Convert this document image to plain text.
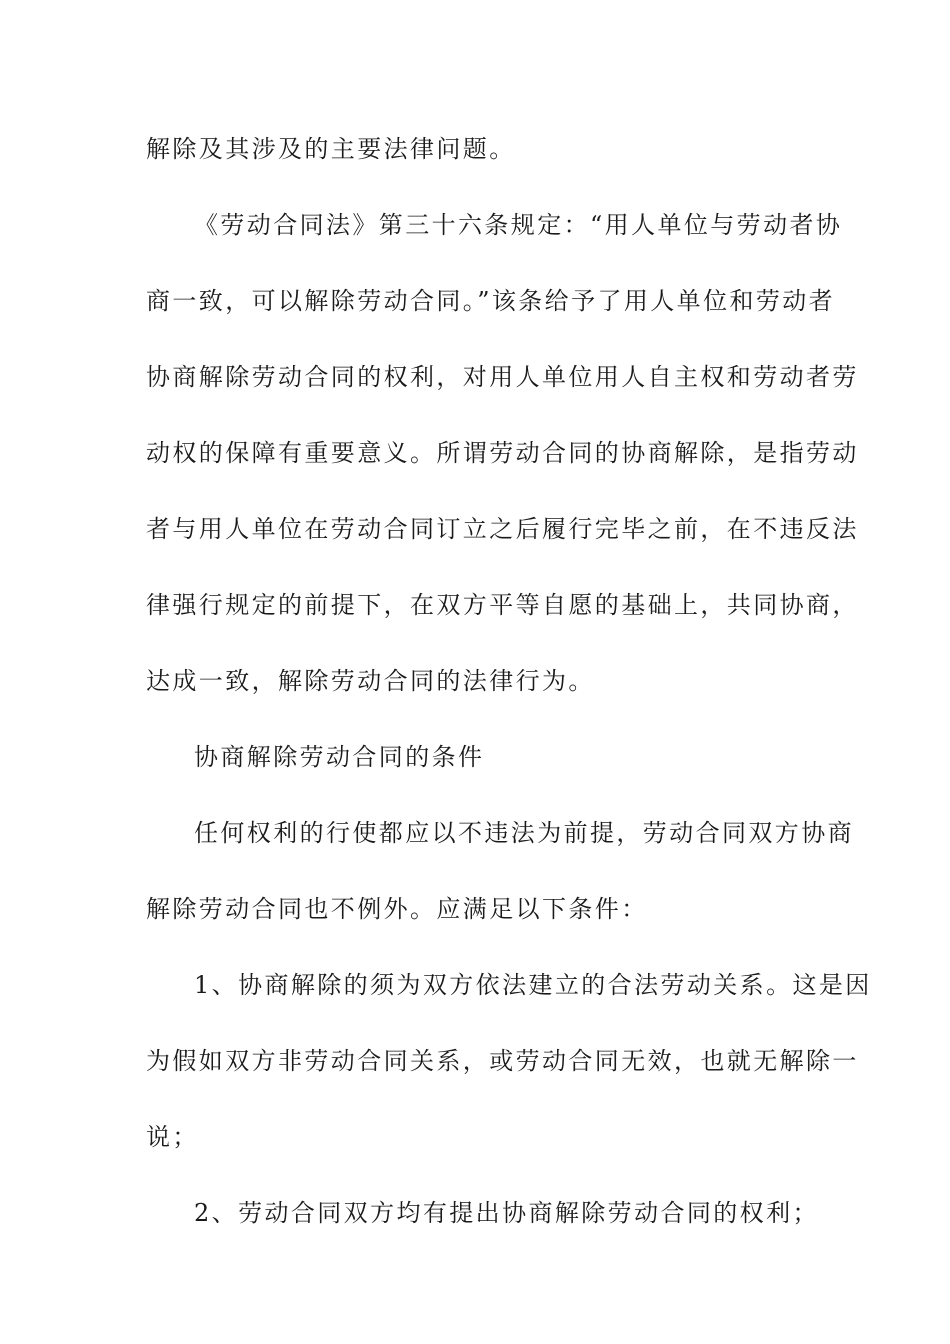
解除及其涉及的主要法律问题。
《劳动合同法》第三十六条规定：“用人单位与劳动者协
商一致，可以解除劳动合同。”该条给予了用人单位和劳动者
协商解除劳动合同的权利，对用人单位用人自主权和劳动者劳
动权的保障有重要意义。所谓劳动合同的协商解除，是指劳动
者与用人单位在劳动合同订立之后履行完毕之前，在不违反法
律强行规定的前提下，在双方平等自愿的基础上，共同协商，
达成一致，解除劳动合同的法律行为。
协商解除劳动合同的条件
任何权利的行使都应以不违法为前提，劳动合同双方协商
解除劳动合同也不例外。应满足以下条件：
1、协商解除的须为双方依法建立的合法劳动关系。这是因
为假如双方非劳动合同关系，或劳动合同无效，也就无解除一
说；
2、劳动合同双方均有提出协商解除劳动合同的权利；
